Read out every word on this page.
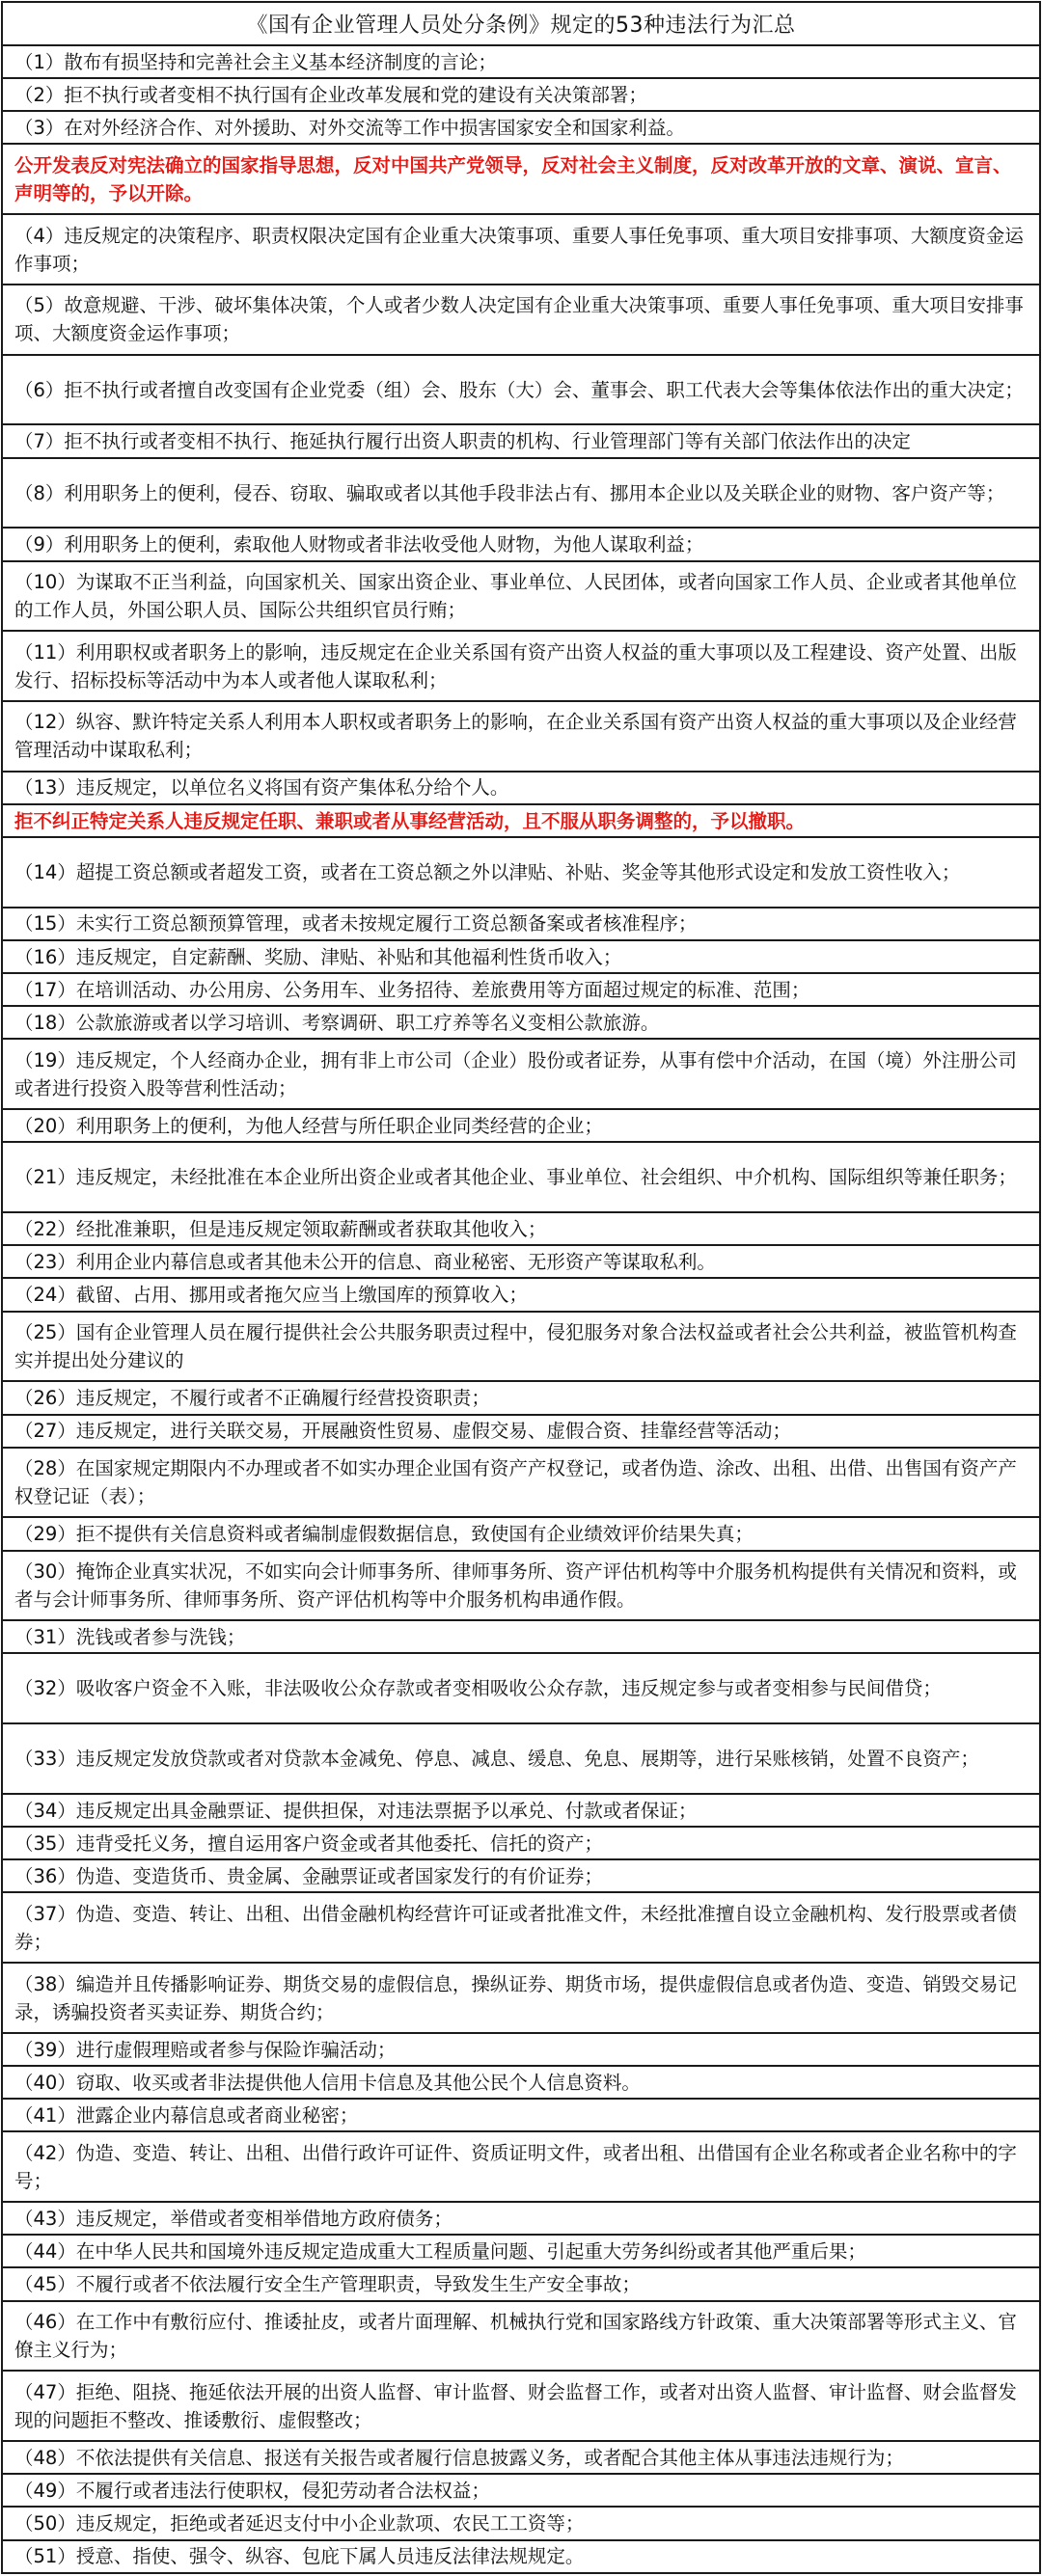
《国有企业管理人员处分条例》规定的53种违法行为汇总
（1）散布有损坚持和完善社会主义基本经济制度的言论；
（2）拒不执行或者变相不执行国有企业改革发展和党的建设有关决策部署；
（3）在对外经济合作、对外援助、对外交流等工作中损害国家安全和国家利益。
公开发表反对宪法确立的国家指导思想，反对中国共产党领导，反对社会主义制度，反对改革开放的文章、演说、宣言、声明等的，予以开除。
（4）违反规定的决策程序、职责权限决定国有企业重大决策事项、重要人事任免事项、重大项目安排事项、大额度资金运作事项；
（5）故意规避、干涉、破坏集体决策，个人或者少数人决定国有企业重大决策事项、重要人事任免事项、重大项目安排事项、大额度资金运作事项；
（6）拒不执行或者擅自改变国有企业党委（组）会、股东（大）会、董事会、职工代表大会等集体依法作出的重大决定；
（7）拒不执行或者变相不执行、拖延执行履行出资人职责的机构、行业管理部门等有关部门依法作出的决定
（8）利用职务上的便利，侵吞、窃取、骗取或者以其他手段非法占有、挪用本企业以及关联企业的财物、客户资产等；
（9）利用职务上的便利，索取他人财物或者非法收受他人财物，为他人谋取利益；
（10）为谋取不正当利益，向国家机关、国家出资企业、事业单位、人民团体，或者向国家工作人员、企业或者其他单位的工作人员，外国公职人员、国际公共组织官员行贿；
（11）利用职权或者职务上的影响，违反规定在企业关系国有资产出资人权益的重大事项以及工程建设、资产处置、出版发行、招标投标等活动中为本人或者他人谋取私利；
（12）纵容、默许特定关系人利用本人职权或者职务上的影响，在企业关系国有资产出资人权益的重大事项以及企业经营管理活动中谋取私利；
（13）违反规定，以单位名义将国有资产集体私分给个人。
拒不纠正特定关系人违反规定任职、兼职或者从事经营活动，且不服从职务调整的，予以撤职。
（14）超提工资总额或者超发工资，或者在工资总额之外以津贴、补贴、奖金等其他形式设定和发放工资性收入；
（15）未实行工资总额预算管理，或者未按规定履行工资总额备案或者核准程序；
（16）违反规定，自定薪酬、奖励、津贴、补贴和其他福利性货币收入；
（17）在培训活动、办公用房、公务用车、业务招待、差旅费用等方面超过规定的标准、范围；
（18）公款旅游或者以学习培训、考察调研、职工疗养等名义变相公款旅游。
（19）违反规定，个人经商办企业，拥有非上市公司（企业）股份或者证券，从事有偿中介活动，在国（境）外注册公司或者进行投资入股等营利性活动；
（20）利用职务上的便利，为他人经营与所任职企业同类经营的企业；
（21）违反规定，未经批准在本企业所出资企业或者其他企业、事业单位、社会组织、中介机构、国际组织等兼任职务；
（22）经批准兼职，但是违反规定领取薪酬或者获取其他收入；
（23）利用企业内幕信息或者其他未公开的信息、商业秘密、无形资产等谋取私利。
（24）截留、占用、挪用或者拖欠应当上缴国库的预算收入；
（25）国有企业管理人员在履行提供社会公共服务职责过程中，侵犯服务对象合法权益或者社会公共利益，被监管机构查实并提出处分建议的
（26）违反规定，不履行或者不正确履行经营投资职责；
（27）违反规定，进行关联交易，开展融资性贸易、虚假交易、虚假合资、挂靠经营等活动；
（28）在国家规定期限内不办理或者不如实办理企业国有资产产权登记，或者伪造、涂改、出租、出借、出售国有资产产权登记证（表）；
（29）拒不提供有关信息资料或者编制虚假数据信息，致使国有企业绩效评价结果失真；
（30）掩饰企业真实状况，不如实向会计师事务所、律师事务所、资产评估机构等中介服务机构提供有关情况和资料，或者与会计师事务所、律师事务所、资产评估机构等中介服务机构串通作假。
（31）洗钱或者参与洗钱；
（32）吸收客户资金不入账，非法吸收公众存款或者变相吸收公众存款，违反规定参与或者变相参与民间借贷；
（33）违反规定发放贷款或者对贷款本金减免、停息、减息、缓息、免息、展期等，进行呆账核销，处置不良资产；
（34）违反规定出具金融票证、提供担保，对违法票据予以承兑、付款或者保证；
（35）违背受托义务，擅自运用客户资金或者其他委托、信托的资产；
（36）伪造、变造货币、贵金属、金融票证或者国家发行的有价证券；
（37）伪造、变造、转让、出租、出借金融机构经营许可证或者批准文件，未经批准擅自设立金融机构、发行股票或者债券；
（38）编造并且传播影响证券、期货交易的虚假信息，操纵证券、期货市场，提供虚假信息或者伪造、变造、销毁交易记录，诱骗投资者买卖证券、期货合约；
（39）进行虚假理赔或者参与保险诈骗活动；
（40）窃取、收买或者非法提供他人信用卡信息及其他公民个人信息资料。
（41）泄露企业内幕信息或者商业秘密；
（42）伪造、变造、转让、出租、出借行政许可证件、资质证明文件，或者出租、出借国有企业名称或者企业名称中的字号；
（43）违反规定，举借或者变相举借地方政府债务；
（44）在中华人民共和国境外违反规定造成重大工程质量问题、引起重大劳务纠纷或者其他严重后果；
（45）不履行或者不依法履行安全生产管理职责，导致发生生产安全事故；
（46）在工作中有敷衍应付、推诿扯皮，或者片面理解、机械执行党和国家路线方针政策、重大决策部署等形式主义、官僚主义行为；
（47）拒绝、阻挠、拖延依法开展的出资人监督、审计监督、财会监督工作，或者对出资人监督、审计监督、财会监督发现的问题拒不整改、推诿敷衍、虚假整改；
（48）不依法提供有关信息、报送有关报告或者履行信息披露义务，或者配合其他主体从事违法违规行为；
（49）不履行或者违法行使职权，侵犯劳动者合法权益；
（50）违反规定，拒绝或者延迟支付中小企业款项、农民工工资等；
（51）授意、指使、强令、纵容、包庇下属人员违反法律法规规定。
